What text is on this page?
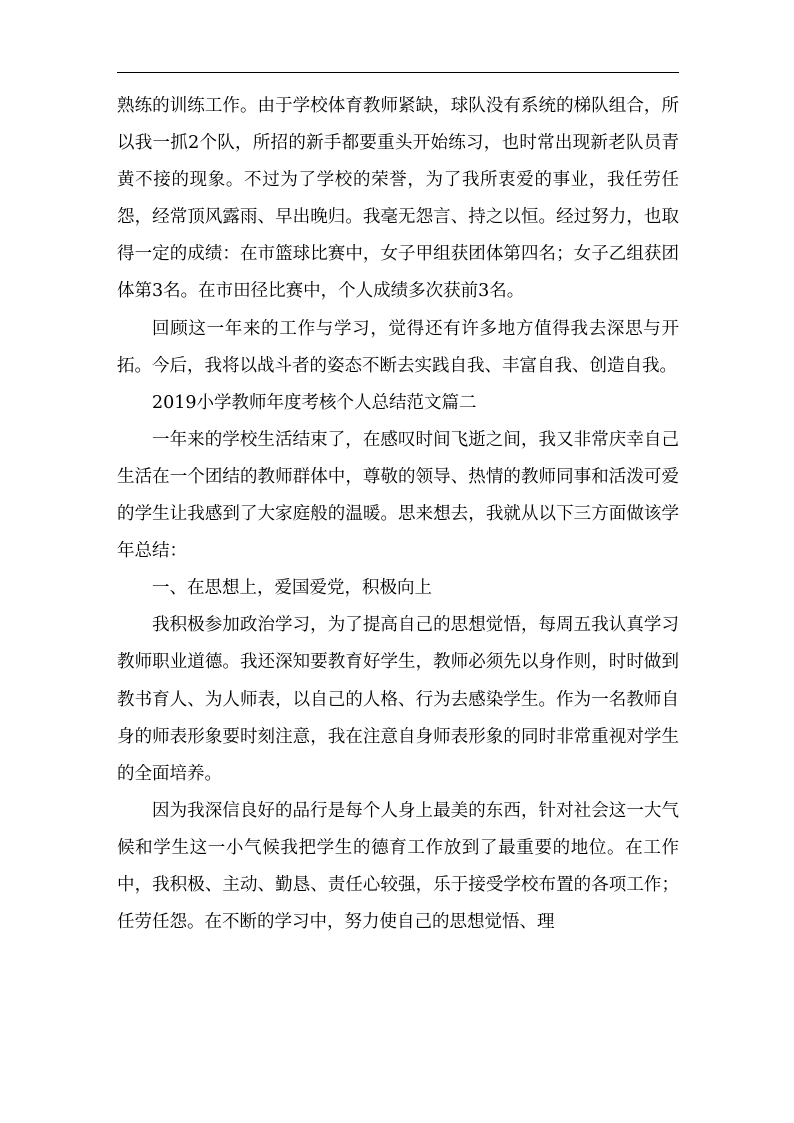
熟练的训练工作。由于学校体育教师紧缺，球队没有系统的梯队组合，所以我一抓2个队，所招的新手都要重头开始练习，也时常出现新老队员青黄不接的现象。不过为了学校的荣誉，为了我所衷爱的事业，我任劳任怨，经常顶风露雨、早出晚归。我毫无怨言、持之以恒。经过努力，也取得一定的成绩：在市篮球比赛中，女子甲组获团体第四名；女子乙组获团体第3名。在市田径比赛中，个人成绩多次获前3名。

回顾这一年来的工作与学习，觉得还有许多地方值得我去深思与开拓。今后，我将以战斗者的姿态不断去实践自我、丰富自我、创造自我。

2019小学教师年度考核个人总结范文篇二

一年来的学校生活结束了，在感叹时间飞逝之间，我又非常庆幸自己生活在一个团结的教师群体中，尊敬的领导、热情的教师同事和活泼可爱的学生让我感到了大家庭般的温暖。思来想去，我就从以下三方面做该学年总结：

一、在思想上，爱国爱党，积极向上

我积极参加政治学习，为了提高自己的思想觉悟，每周五我认真学习教师职业道德。我还深知要教育好学生，教师必须先以身作则，时时做到教书育人、为人师表，以自己的人格、行为去感染学生。作为一名教师自身的师表形象要时刻注意，我在注意自身师表形象的同时非常重视对学生的全面培养。

因为我深信良好的品行是每个人身上最美的东西，针对社会这一大气候和学生这一小气候我把学生的德育工作放到了最重要的地位。在工作中，我积极、主动、勤恳、责任心较强，乐于接受学校布置的各项工作；任劳任怨。在不断的学习中，努力使自己的思想觉悟、理
